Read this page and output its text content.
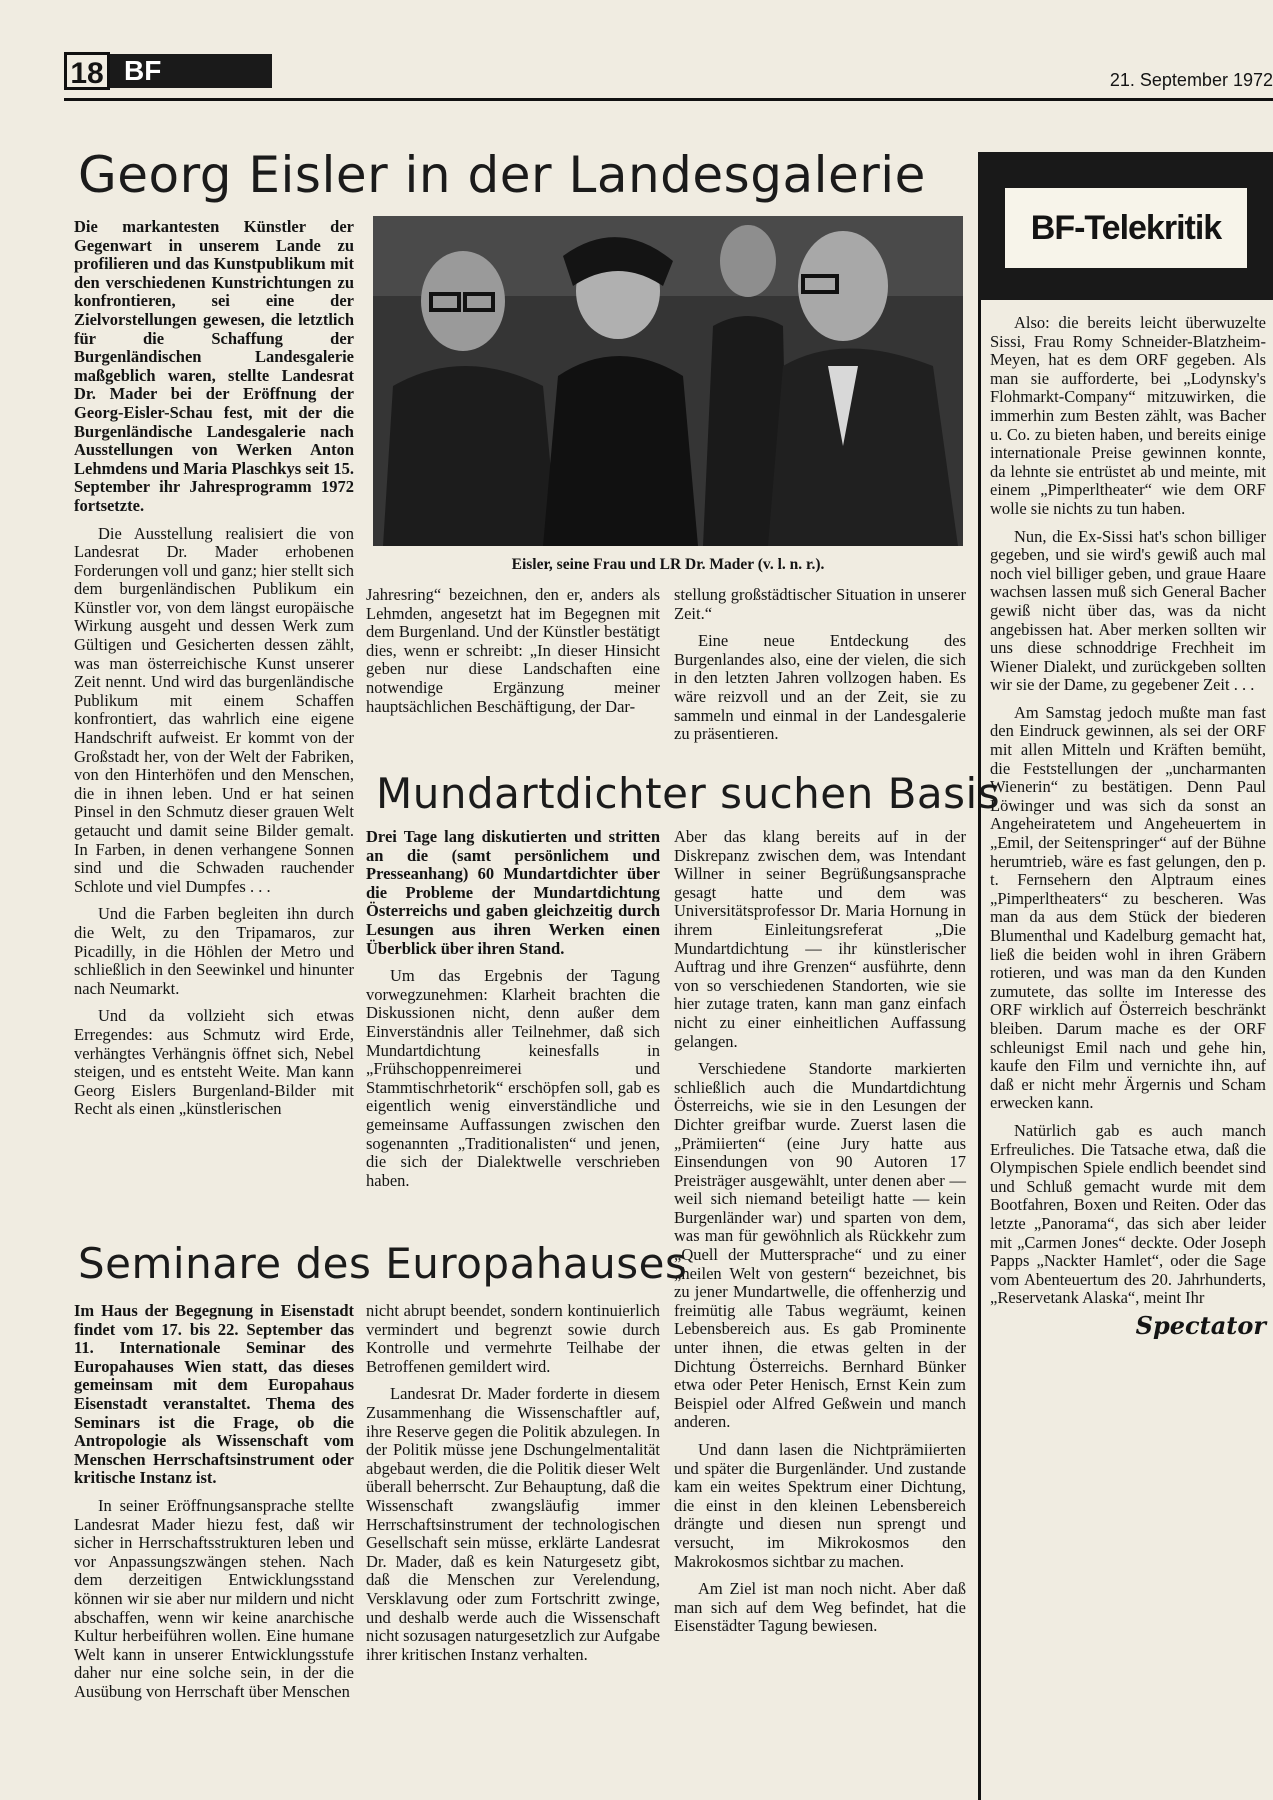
18 BF	21. September 1972
Georg Eisler in der Landesgalerie

Die markantesten Künstler der Gegenwart in unserem Lande zu profilieren und das Kunstpublikum mit den verschiedenen Kunstrichtungen zu konfrontieren, sei eine der Zielvorstellungen gewesen, die letztlich für die Schaffung der Burgenländischen Landesgalerie maßgeblich waren, stellte Landesrat Dr. Mader bei der Eröffnung der Georg-Eisler-Schau fest, mit der die Burgenländische Landesgalerie nach Ausstellungen von Werken Anton Lehmdens und Maria Plaschkys seit 15. September ihr Jahresprogramm 1972 fortsetzte.

Die Ausstellung realisiert die von Landesrat Dr. Mader erhobenen Forderungen voll und ganz; hier stellt sich dem burgenländischen Publikum ein Künstler vor, von dem längst europäische Wirkung ausgeht und dessen Werk zum Gültigen und Gesicherten dessen zählt, was man österreichische Kunst unserer Zeit nennt. Und wird das burgenländische Publikum mit einem Schaffen konfrontiert, das wahrlich eine eigene Handschrift aufweist. Er kommt von der Großstadt her, von der Welt der Fabriken, von den Hinterhöfen und den Menschen, die in ihnen leben. Und er hat seinen Pinsel in den Schmutz dieser grauen Welt getaucht und damit seine Bilder gemalt. In Farben, in denen verhangene Sonnen sind und die Schwaden rauchender Schlote und viel Dumpfes . . .

Und die Farben begleiten ihn durch die Welt, zu den Tripamaros, zur Picadilly, in die Höhlen der Metro und schließlich in den Seewinkel und hinunter nach Neumarkt.

Und da vollzieht sich etwas Erregendes: aus Schmutz wird Erde, verhängtes Verhängnis öffnet sich, Nebel steigen, und es entsteht Weite. Man kann Georg Eislers Burgenland-Bilder mit Recht als einen „künstlerischen

Eisler, seine Frau und LR Dr. Mader (v. l. n. r.).

Jahresring“ bezeichnen, den er, anders als Lehmden, angesetzt hat im Begegnen mit dem Burgenland. Und der Künstler bestätigt dies, wenn er schreibt: „In dieser Hinsicht geben nur diese Landschaften eine notwendige Ergänzung meiner hauptsächlichen Beschäftigung, der Dar-

stellung großstädtischer Situation in unserer Zeit.“

Eine neue Entdeckung des Burgenlandes also, eine der vielen, die sich in den letzten Jahren vollzogen haben. Es wäre reizvoll und an der Zeit, sie zu sammeln und einmal in der Landesgalerie zu präsentieren.

Mundartdichter suchen Basis

Drei Tage lang diskutierten und stritten an die (samt persönlichem und Presseanhang) 60 Mundartdichter über die Probleme der Mundartdichtung Österreichs und gaben gleichzeitig durch Lesungen aus ihren Werken einen Überblick über ihren Stand.

Um das Ergebnis der Tagung vorwegzunehmen: Klarheit brachten die Diskussionen nicht, denn außer dem Einverständnis aller Teilnehmer, daß sich Mundartdichtung keinesfalls in „Frühschoppenreimerei und Stammtischrhetorik“ erschöpfen soll, gab es eigentlich wenig einverständliche und gemeinsame Auffassungen zwischen den sogenannten „Traditionalisten“ und jenen, die sich der Dialektwelle verschrieben haben.

Aber das klang bereits auf in der Diskrepanz zwischen dem, was Intendant Willner in seiner Begrüßungsansprache gesagt hatte und dem was Universitätsprofessor Dr. Maria Hornung in ihrem Einleitungsreferat „Die Mundartdichtung — ihr künstlerischer Auftrag und ihre Grenzen“ ausführte, denn von so verschiedenen Standorten, wie sie hier zutage traten, kann man ganz einfach nicht zu einer einheitlichen Auffassung gelangen.

Verschiedene Standorte markierten schließlich auch die Mundartdichtung Österreichs, wie sie in den Lesungen der Dichter greifbar wurde. Zuerst lasen die „Prämiierten“ (eine Jury hatte aus Einsendungen von 90 Autoren 17 Preisträger ausgewählt, unter denen aber — weil sich niemand beteiligt hatte — kein Burgenländer war) und sparten von dem, was man für gewöhnlich als Rückkehr zum „Quell der Muttersprache“ und zu einer „heilen Welt von gestern“ bezeichnet, bis zu jener Mundartwelle, die offenherzig und freimütig alle Tabus wegräumt, keinen Lebensbereich aus. Es gab Prominente unter ihnen, die etwas gelten in der Dichtung Österreichs. Bernhard Bünker etwa oder Peter Henisch, Ernst Kein zum Beispiel oder Alfred Geßwein und manch anderen.

Und dann lasen die Nichtprämiierten und später die Burgenländer. Und zustande kam ein weites Spektrum einer Dichtung, die einst in den kleinen Lebensbereich drängte und diesen nun sprengt und versucht, im Mikrokosmos den Makrokosmos sichtbar zu machen.

Am Ziel ist man noch nicht. Aber daß man sich auf dem Weg befindet, hat die Eisenstädter Tagung bewiesen.

Seminare des Europahauses

Im Haus der Begegnung in Eisenstadt findet vom 17. bis 22. September das 11. Internationale Seminar des Europahauses Wien statt, das dieses gemeinsam mit dem Europahaus Eisenstadt veranstaltet. Thema des Seminars ist die Frage, ob die Antropologie als Wissenschaft vom Menschen Herrschaftsinstrument oder kritische Instanz ist.

In seiner Eröffnungsansprache stellte Landesrat Mader hiezu fest, daß wir sicher in Herrschaftsstrukturen leben und vor Anpassungszwängen stehen. Nach dem derzeitigen Entwicklungsstand können wir sie aber nur mildern und nicht abschaffen, wenn wir keine anarchische Kultur herbeiführen wollen. Eine humane Welt kann in unserer Entwicklungsstufe daher nur eine solche sein, in der die Ausübung von Herrschaft über Menschen

nicht abrupt beendet, sondern kontinuierlich vermindert und begrenzt sowie durch Kontrolle und vermehrte Teilhabe der Betroffenen gemildert wird.

Landesrat Dr. Mader forderte in diesem Zusammenhang die Wissenschaftler auf, ihre Reserve gegen die Politik abzulegen. In der Politik müsse jene Dschungelmentalität abgebaut werden, die die Politik dieser Welt überall beherrscht. Zur Behauptung, daß die Wissenschaft zwangsläufig immer Herrschaftsinstrument der technologischen Gesellschaft sein müsse, erklärte Landesrat Dr. Mader, daß es kein Naturgesetz gibt, daß die Menschen zur Verelendung, Versklavung oder zum Fortschritt zwinge, und deshalb werde auch die Wissenschaft nicht sozusagen naturgesetzlich zur Aufgabe ihrer kritischen Instanz verhalten.

BF-Telekritik

Also: die bereits leicht überwuzelte Sissi, Frau Romy Schneider-Blatzheim-Meyen, hat es dem ORF gegeben. Als man sie aufforderte, bei „Lodynsky's Flohmarkt-Company“ mitzuwirken, die immerhin zum Besten zählt, was Bacher u. Co. zu bieten haben, und bereits einige internationale Preise gewinnen konnte, da lehnte sie entrüstet ab und meinte, mit einem „Pimperltheater“ wie dem ORF wolle sie nichts zu tun haben.

Nun, die Ex-Sissi hat's schon billiger gegeben, und sie wird's gewiß auch mal noch viel billiger geben, und graue Haare wachsen lassen muß sich General Bacher gewiß nicht über das, was da nicht angebissen hat. Aber merken sollten wir uns diese schnoddrige Frechheit im Wiener Dialekt, und zurückgeben sollten wir sie der Dame, zu gegebener Zeit . . .

Am Samstag jedoch mußte man fast den Eindruck gewinnen, als sei der ORF mit allen Mitteln und Kräften bemüht, die Feststellungen der „uncharmanten Wienerin“ zu bestätigen. Denn Paul Löwinger und was sich da sonst an Angeheiratetem und Angeheuertem in „Emil, der Seitenspringer“ auf der Bühne herumtrieb, wäre es fast gelungen, den p. t. Fernsehern den Alptraum eines „Pimperltheaters“ zu bescheren. Was man da aus dem Stück der biederen Blumenthal und Kadelburg gemacht hat, ließ die beiden wohl in ihren Gräbern rotieren, und was man da den Kunden zumutete, das sollte im Interesse des ORF wirklich auf Österreich beschränkt bleiben. Darum mache es der ORF schleunigst Emil nach und gehe hin, kaufe den Film und vernichte ihn, auf daß er nicht mehr Ärgernis und Scham erwecken kann.

Natürlich gab es auch manch Erfreuliches. Die Tatsache etwa, daß die Olympischen Spiele endlich beendet sind und Schluß gemacht wurde mit dem Bootfahren, Boxen und Reiten. Oder das letzte „Panorama“, das sich aber leider mit „Carmen Jones“ deckte. Oder Joseph Papps „Nackter Hamlet“, oder die Sage vom Abenteuertum des 20. Jahrhunderts, „Reservetank Alaska“, meint Ihr

Spectator
